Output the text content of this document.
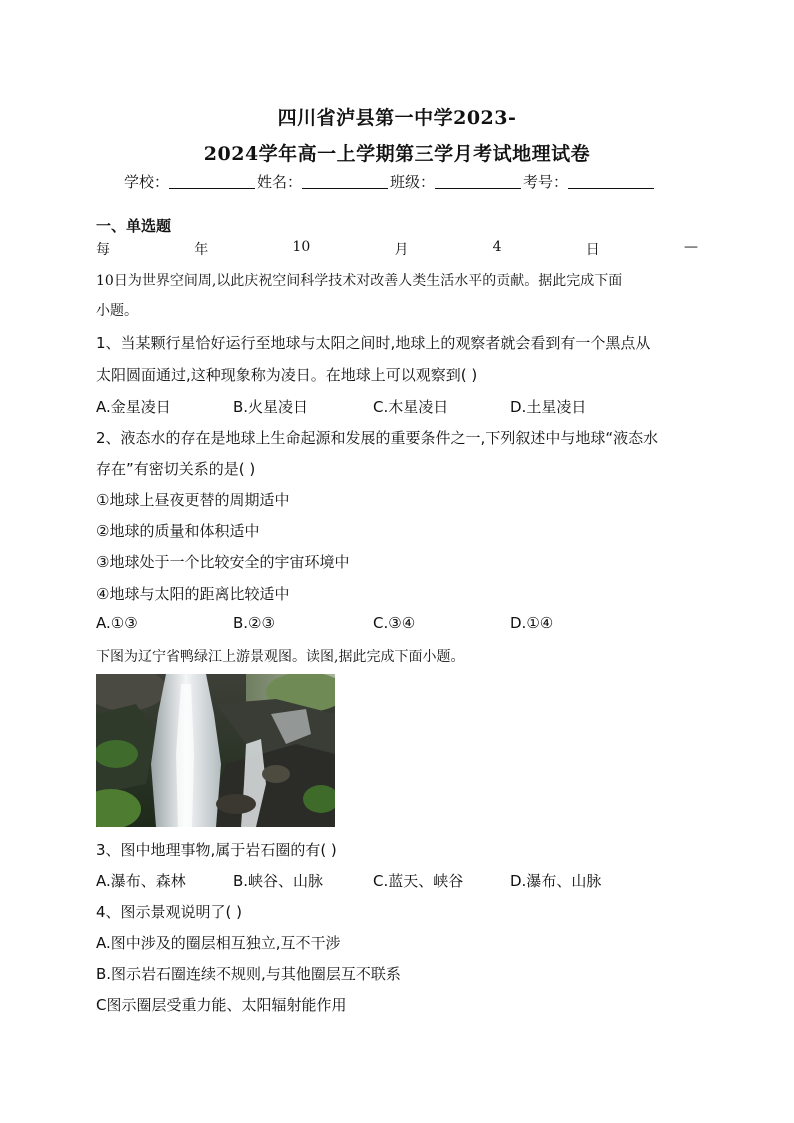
四川省泸县第一中学2023-
2024学年高一上学期第三学月考试地理试卷
学校：	姓名：	班级：	考号：
一、单选题
每	年	10	月	4	日	—
10日为世界空间周,以此庆祝空间科学技术对改善人类生活水平的贡献。据此完成下面
小题。
1、当某颗行星恰好运行至地球与太阳之间时,地球上的观察者就会看到有一个黑点从
太阳圆面通过,这种现象称为凌日。在地球上可以观察到( )
A.金星凌日	B.火星凌日	C.木星凌日	D.土星凌日
2、液态水的存在是地球上生命起源和发展的重要条件之一,下列叙述中与地球“液态水
存在”有密切关系的是( )
①地球上昼夜更替的周期适中
②地球的质量和体积适中
③地球处于一个比较安全的宇宙环境中
④地球与太阳的距离比较适中
A.①③	B.②③	C.③④	D.①④
下图为辽宁省鸭绿江上游景观图。读图,据此完成下面小题。
3、图中地理事物,属于岩石圈的有( )
A.瀑布、森林	B.峡谷、山脉	C.蓝天、峡谷	D.瀑布、山脉
4、图示景观说明了( )
A.图中涉及的圈层相互独立,互不干涉
B.图示岩石圈连续不规则,与其他圈层互不联系
C图示圈层受重力能、太阳辐射能作用
